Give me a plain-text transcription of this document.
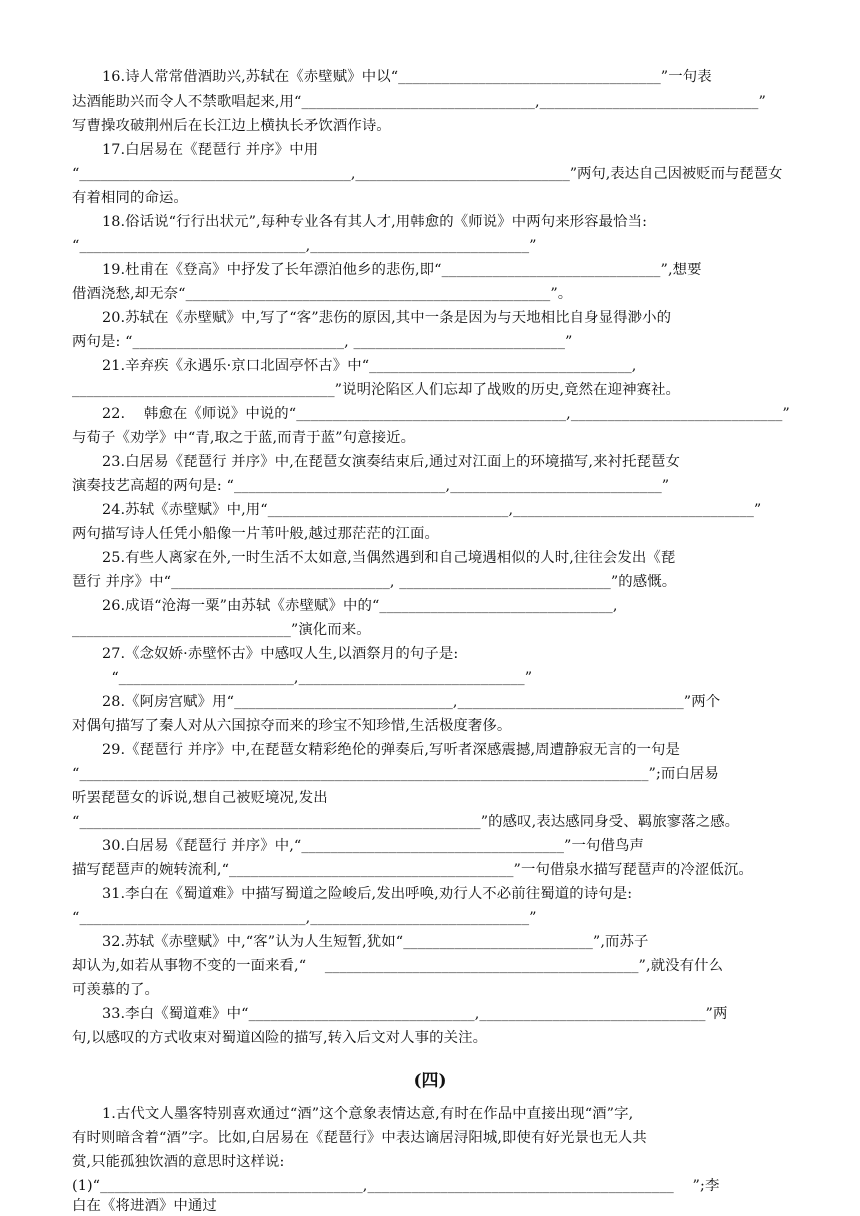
16.诗人常常借酒助兴,苏轼在《赤壁赋》中以“____________________________________”一句表
达酒能助兴而令人不禁歌唱起来,用“________________________________,______________________________”
写曹操攻破荆州后在长江边上横执长矛饮酒作诗。
17.白居易在《琵琶行 并序》中用
“______________________________________,______________________________”两句,表达自己因被贬而与琵琶女
有着相同的命运。
18.俗话说“行行出状元”,每种专业各有其人才,用韩愈的《师说》中两句来形容最恰当:
“_______________________________,______________________________”
19.杜甫在《登高》中抒发了长年漂泊他乡的悲伤,即“______________________________”,想要
借酒浇愁,却无奈“__________________________________________________”。
20.苏轼在《赤壁赋》中,写了“客”悲伤的原因,其中一条是因为与天地相比自身显得渺小的
两句是: “_____________________________, _____________________________”
21.辛弃疾《永遇乐·京口北固亭怀古》中“____________________________________,
____________________________________”说明沦陷区人们忘却了战败的历史,竟然在迎神赛社。
22.    韩愈在《师说》中说的“_____________________________________,_____________________________”
与荀子《劝学》中“青,取之于蓝,而青于蓝”句意接近。
23.白居易《琵琶行 并序》中,在琵琶女演奏结束后,通过对江面上的环境描写,来衬托琵琶女
演奏技艺高超的两句是: “_____________________________,_____________________________”
24.苏轼《赤壁赋》中,用“_________________________________,_________________________________”
两句描写诗人任凭小船像一片苇叶般,越过那茫茫的江面。
25.有些人离家在外,一时生活不太如意,当偶然遇到和自己境遇相似的人时,往往会发出《琵
琶行 并序》中“______________________________, _____________________________”的感慨。
26.成语“沧海一粟”由苏轼《赤壁赋》中的“________________________________,
______________________________”演化而来。
27.《念奴娇·赤壁怀古》中感叹人生,以酒祭月的句子是:
“________________________,_______________________________”
28.《阿房宫赋》用“______________________________,_______________________________”两个
对偶句描写了秦人对从六国掠夺而来的珍宝不知珍惜,生活极度奢侈。
29.《琵琶行 并序》中,在琵琶女精彩绝伦的弹奏后,写听者深感震撼,周遭静寂无言的一句是
“______________________________________________________________________________”;而白居易
听罢琵琶女的诉说,想自己被贬境况,发出
“_______________________________________________________”的感叹,表达感同身受、羁旅寥落之感。
30.白居易《琵琶行 并序》中,“____________________________________”一句借鸟声
描写琵琶声的婉转流利,“_______________________________________”一句借泉水描写琵琶声的冷涩低沉。
31.李白在《蜀道难》中描写蜀道之险峻后,发出呼唤,劝行人不必前往蜀道的诗句是:
“_______________________________,______________________________”
32.苏轼《赤壁赋》中,“客”认为人生短暂,犹如“__________________________”,而苏子
却认为,如若从事物不变的一面来看,“    ___________________________________________”,就没有什么
可羡慕的了。
33.李白《蜀道难》中“_______________________________,_______________________________”两
句,以感叹的方式收束对蜀道凶险的描写,转入后文对人事的关注。
(四)
1.古代文人墨客特别喜欢通过“酒”这个意象表情达意,有时在作品中直接出现“酒”字,
有时则暗含着“酒”字。比如,白居易在《琵琶行》中表达谪居浔阳城,即使有好光景也无人共
赏,只能孤独饮酒的意思时这样说:
(1)“____________________________________,__________________________________________    ”;李
白在《将进酒》中通过
